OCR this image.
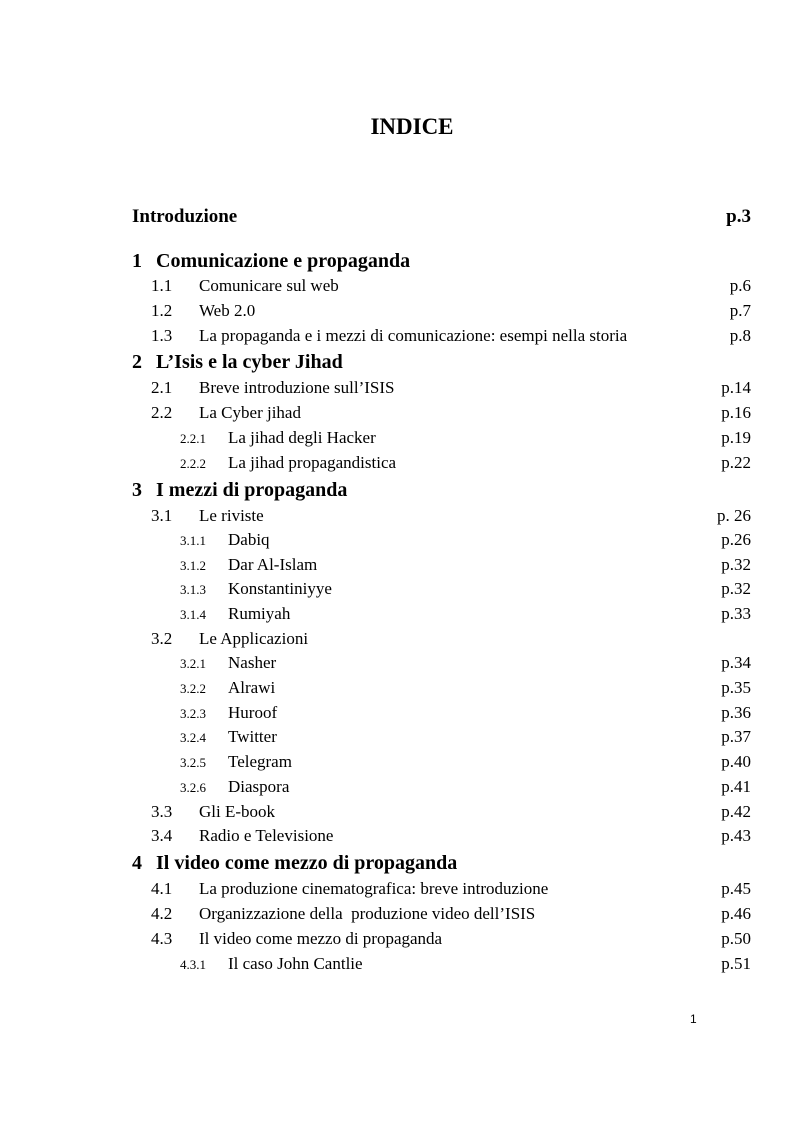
INDICE
Introduzione	p.3
1 Comunicazione e propaganda
1.1 Comunicare sul web	p.6
1.2 Web 2.0	p.7
1.3 La propaganda e i mezzi di comunicazione: esempi nella storia	p.8
2 L’Isis e la cyber Jihad
2.1 Breve introduzione sull’ISIS	p.14
2.2 La Cyber jihad	p.16
2.2.1 La jihad degli Hacker	p.19
2.2.2 La jihad propagandistica	p.22
3 I mezzi di propaganda
3.1 Le riviste	p. 26
3.1.1 Dabiq	p.26
3.1.2 Dar Al-Islam	p.32
3.1.3 Konstantiniyye	p.32
3.1.4 Rumiyah	p.33
3.2 Le Applicazioni
3.2.1 Nasher	p.34
3.2.2 Alrawi	p.35
3.2.3 Huroof	p.36
3.2.4 Twitter	p.37
3.2.5 Telegram	p.40
3.2.6 Diaspora	p.41
3.3 Gli E-book	p.42
3.4 Radio e Televisione	p.43
4 Il video come mezzo di propaganda
4.1 La produzione cinematografica: breve introduzione	p.45
4.2 Organizzazione della  produzione video dell’ISIS	p.46
4.3 Il video come mezzo di propaganda	p.50
4.3.1 Il caso John Cantlie	p.51
1
